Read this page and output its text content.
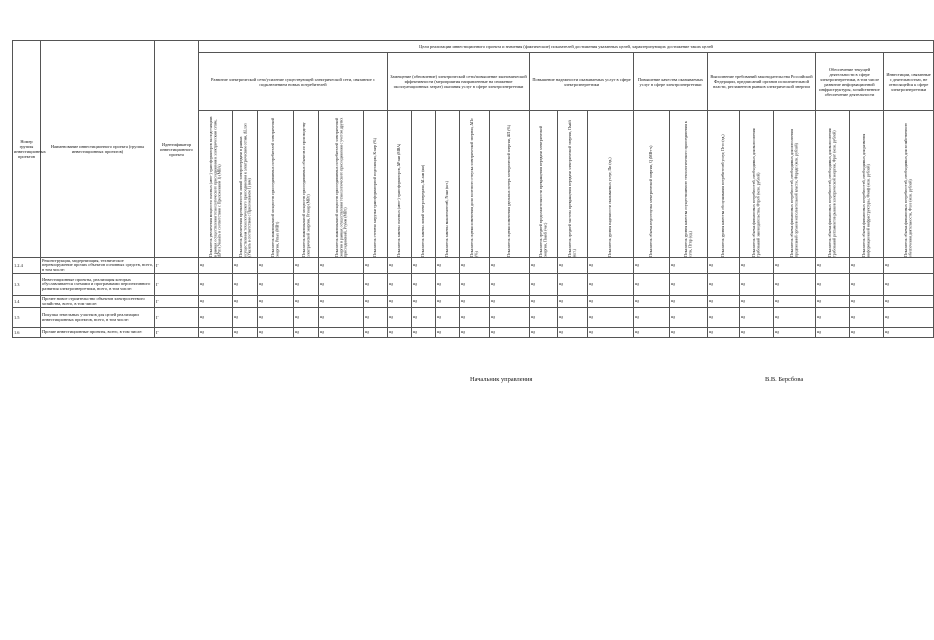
Номер группы инвестиционных проектов	Наименование инвестиционного проекта (группы инвестиционных проектов)	Идентификатор инвестиционного проекта	Цели реализации инвестиционного проекта и значения (фактические) показателей достижения указанных целей, характеризующих достижение таких целей																						
			Развитие электрической сети/усиление существующей электрической сети, связанное с подключением новых потребителей						Замещение (обновление) электрической сети/повышение экономической эффективности (мероприятия направленные на снижение эксплуатационных затрат) оказания услуг в сфере электроэнергетики					Повышение надежности оказываемых услуг в сфере электроэнергетики			Повышение качества оказываемых услуг в сфере электроэнергетики		Выполнение требований законодательства Российской Федерации, предписаний органов исполнительной власти, регламентов рынков электрической энергии			Обеспечение текущей деятельности в сфере электроэнергетики, в том числе развитие информационной инфраструктуры, хозяйственное обеспечение деятельности		Инвестиции, связанные с деятельностью, не относящейся к сфере электроэнергетики	

			Показатель увеличения мощности силовых (авто-) трансформаторов на подстанциях в рамках осуществления технологического присоединения к электрическим сетям, ΔPтп (Указать в соответствии с Приложением 1) (МВА)	Показатель увеличения протяженности линий электропередачи в рамках осуществления технологического присоединения к электрическим сетям, ΔLлэп (Указать в соответствии с Приложением 1) (км)	Показатель максимальной мощности присоединяемых потребителей электрической энергии, Pmax (МВт)	Показатель максимальной мощности присоединяемых объектов по производству электрической энергии, Pгенер (МВт)	Показатель максимальной мощности присоединяемых потребителей электрической энергии в рамках осуществления технологического присоединения с учетом других присоединений, Pсумм (МВт)	Показатель степени загрузки трансформаторной подстанции, Kзагр (%)	Показатель замены силовых (авто-) трансформаторов, ΔPзам (МВА)	Показатель замены линий электропередачи, ΔLзам (км)	Показатель замены выключателей, Nзам (шт.)	Показатель оценки изменения доли полезного отпуска электрической энергии, ΔПо (%)	Показатель оценки изменения удельных потерь электрической энергии, ΔП (%)	Показатель средней продолжительности прекращения передачи электрической энергии, Пsaidi (час)	Показатель средней частоты прекращения передачи электрической энергии, Пsaifi (шт.)	Показатель уровня надежности оказываемых услуг, Пн (ед.)	Показатель объема недоотпуска электрической энергии, Q (МВт·ч)	Показатель уровня качества осуществляемого технологического присоединения к сети, Птпр (ед.)	Показатель уровня качества обслуживания потребителей услуг, Птсо (ед.)	Показатель объема финансовых потребностей, необходимых для выполнения требований законодательства, Фтреб (млн. рублей)	Показатель объема финансовых потребностей, необходимых для исполнения предписаний органов исполнительной власти, Фпредп (млн. рублей)	Показатель объема финансовых потребностей, необходимых для выполнения требований регламентов рынков электрической энергии, Фрег (млн. рублей)	Показатель объема финансовых потребностей, необходимых для развития информационной инфраструктуры, Финф (млн. рублей)	Показатель объема финансовых потребностей, необходимых для хозяйственного обеспечения деятельности, Фхоз (млн. рублей)

1.2.4	Реконструкция, модернизация, техническое перевооружение прочих объектов основных средств, всего, в том числе:	Г	нд	нд	нд	нд	нд	нд	нд	нд	нд	нд	нд	нд	нд	нд	нд	нд	нд	нд	нд	нд	нд	нд	
1.3	Инвестиционные проекты, реализация которых обуславливается схемами и программами перспективного развития электроэнергетики, всего, в том числе:	Г	нд	нд	нд	нд	нд	нд	нд	нд	нд	нд	нд	нд	нд	нд	нд	нд	нд	нд	нд	нд	нд	нд	
1.4	Прочее новое строительство объектов электросетевого хозяйства, всего, в том числе:	Г	нд	нд	нд	нд	нд	нд	нд	нд	нд	нд	нд	нд	нд	нд	нд	нд	нд	нд	нд	нд	нд	нд	
1.5	Покупка земельных участков для целей реализации инвестиционных проектов, всего, в том числе:	Г	нд	нд	нд	нд	нд	нд	нд	нд	нд	нд	нд	нд	нд	нд	нд	нд	нд	нд	нд	нд	нд	нд	
1.6	Прочие инвестиционные проекты, всего, в том числе:	Г	нд	нд	нд	нд	нд	нд	нд	нд	нд	нд	нд	нд	нд	нд	нд	нд	нд	нд	нд	нд	нд	нд	
Начальник управления	В.В. Берсбова
